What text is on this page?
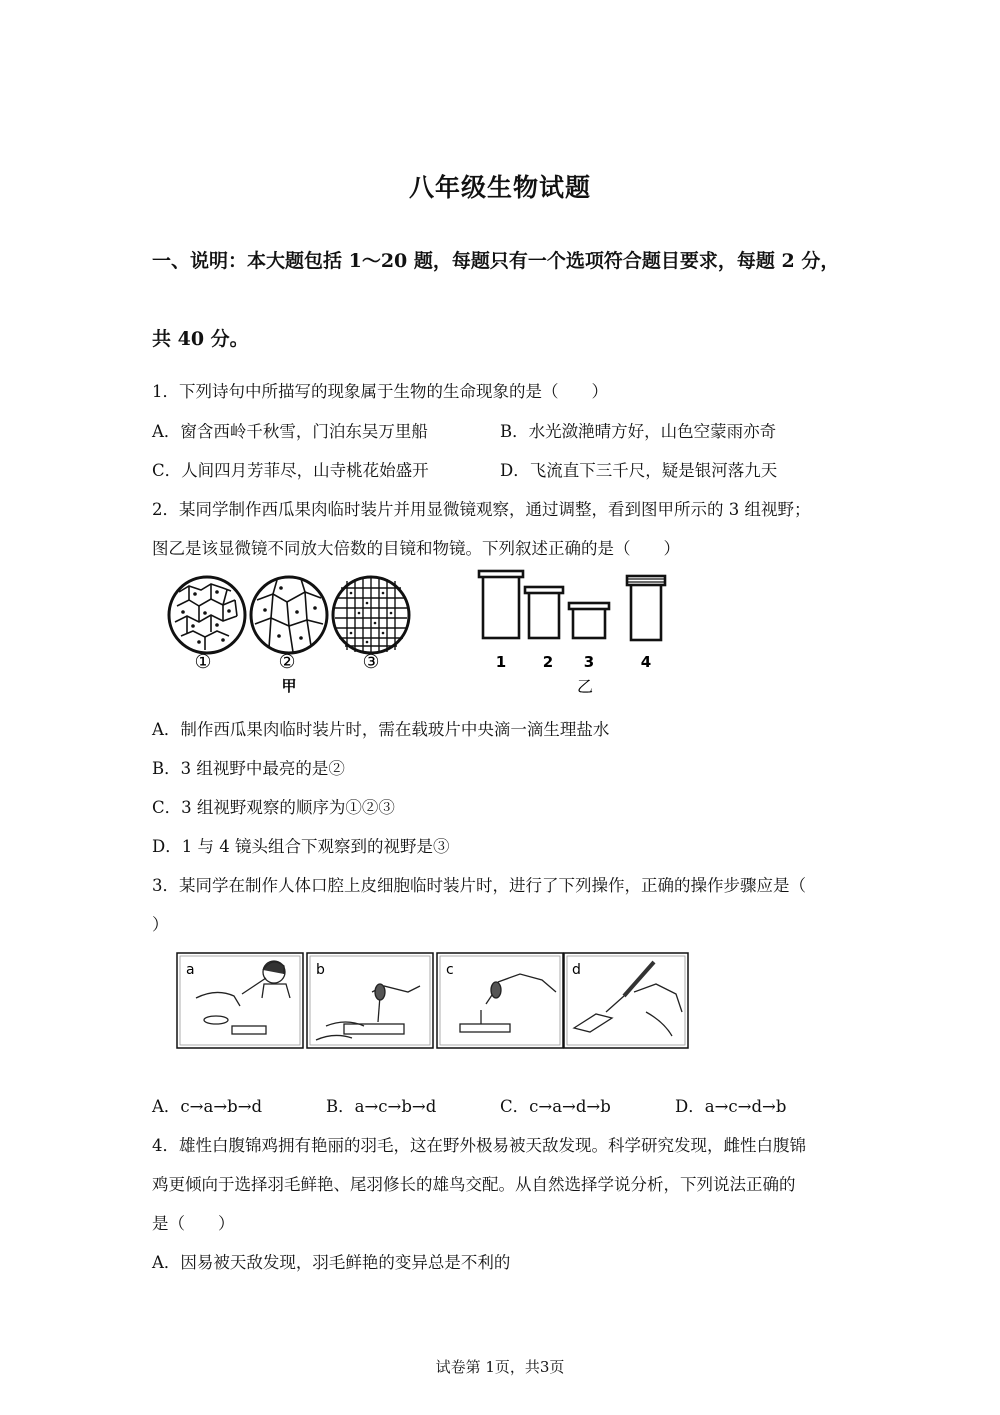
八年级生物试题
一、说明：本大题包括 1～20 题，每题只有一个选项符合题目要求，每题 2 分，
共 40 分。
1．下列诗句中所描写的现象属于生物的生命现象的是（　　）
A．窗含西岭千秋雪，门泊东吴万里船	B．水光潋滟晴方好，山色空蒙雨亦奇
C．人间四月芳菲尽，山寺桃花始盛开	D．飞流直下三千尺，疑是银河落九天
2．某同学制作西瓜果肉临时装片并用显微镜观察，通过调整，看到图甲所示的 3 组视野；
图乙是该显微镜不同放大倍数的目镜和物镜。下列叙述正确的是（　　）
①	②	③
甲
1 2 3	4
乙
A．制作西瓜果肉临时装片时，需在载玻片中央滴一滴生理盐水
B．3 组视野中最亮的是②
C．3 组视野观察的顺序为①②③
D．1 与 4 镜头组合下观察到的视野是③
3．某同学在制作人体口腔上皮细胞临时装片时，进行了下列操作，正确的操作步骤应是（
）
a	b	c	d
A．c→a→b→d	B．a→c→b→d	C．c→a→d→b	D．a→c→d→b
4．雄性白腹锦鸡拥有艳丽的羽毛，这在野外极易被天敌发现。科学研究发现，雌性白腹锦
鸡更倾向于选择羽毛鲜艳、尾羽修长的雄鸟交配。从自然选择学说分析，下列说法正确的
是（　　）
A．因易被天敌发现，羽毛鲜艳的变异总是不利的
试卷第 1页，共3页
